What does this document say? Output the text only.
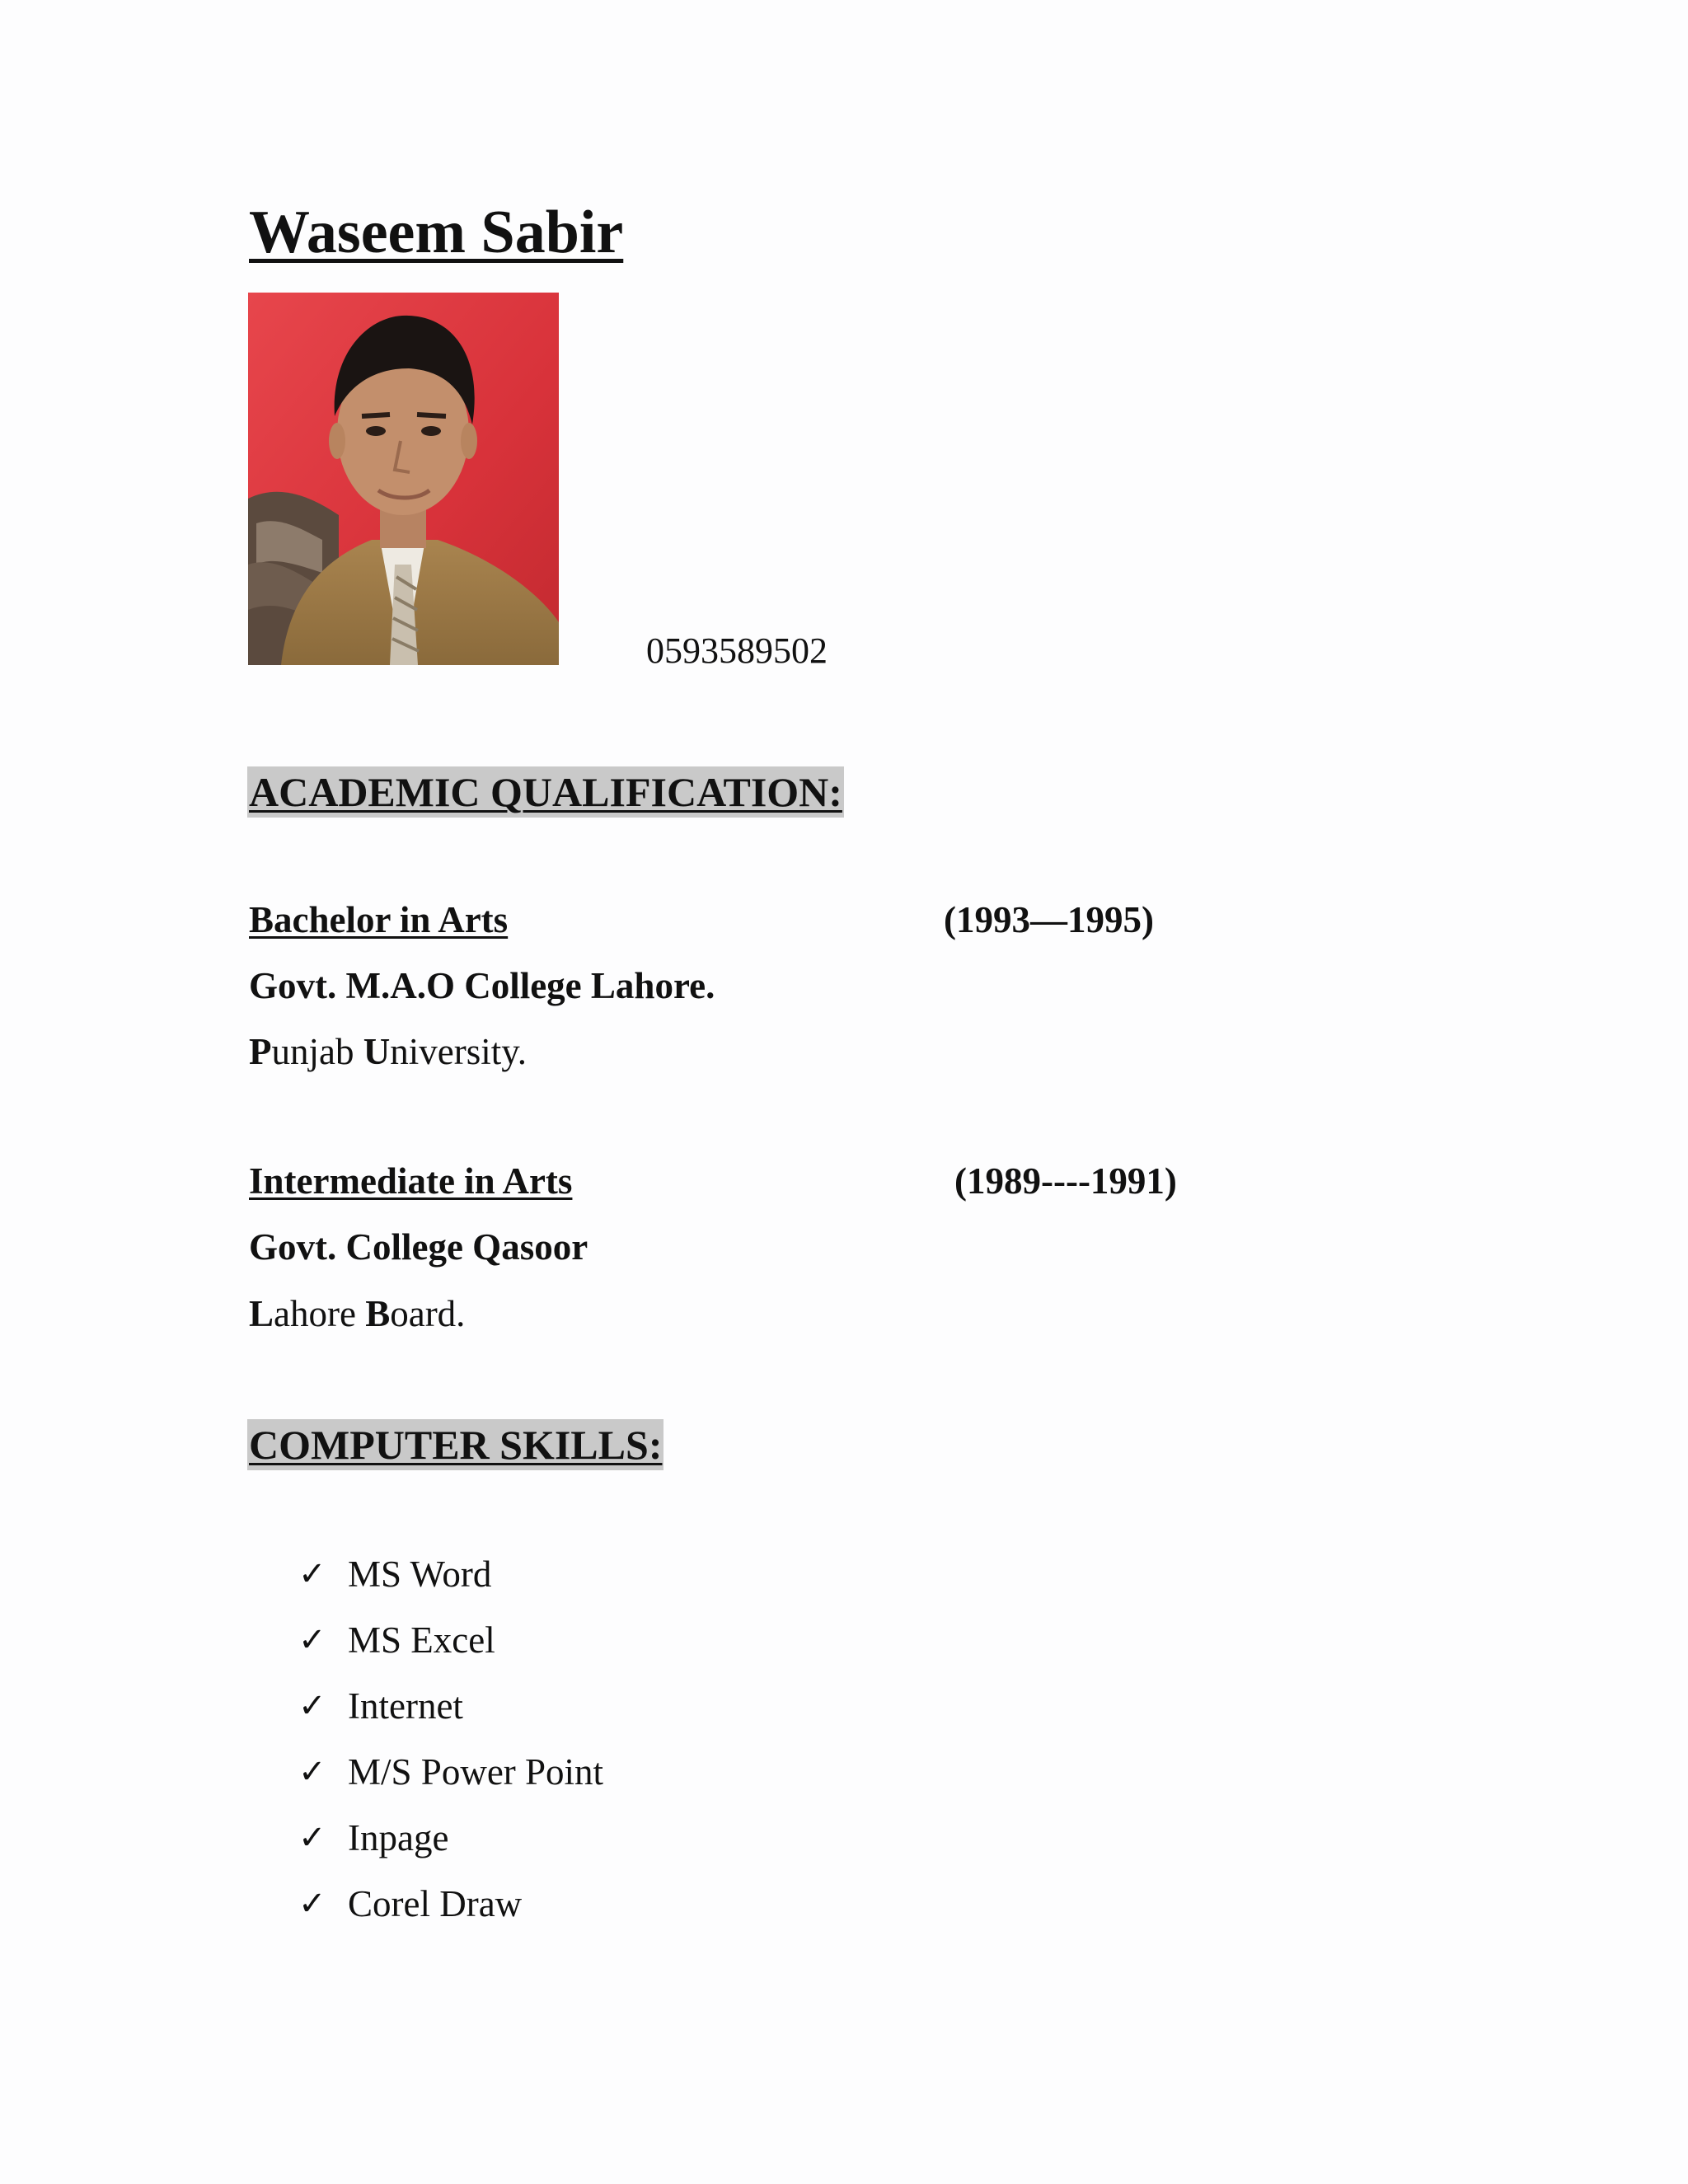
Waseem Sabir
0593589502
ACADEMIC QUALIFICATION:
Bachelor in Arts	(1993—1995)
Govt. M.A.O College Lahore.
Punjab University.
Intermediate in Arts	(1989----1991)
Govt. College Qasoor
Lahore Board.
COMPUTER SKILLS:
✓ MS Word
✓ MS Excel
✓ Internet
✓ M/S Power Point
✓ Inpage
✓ Corel Draw
